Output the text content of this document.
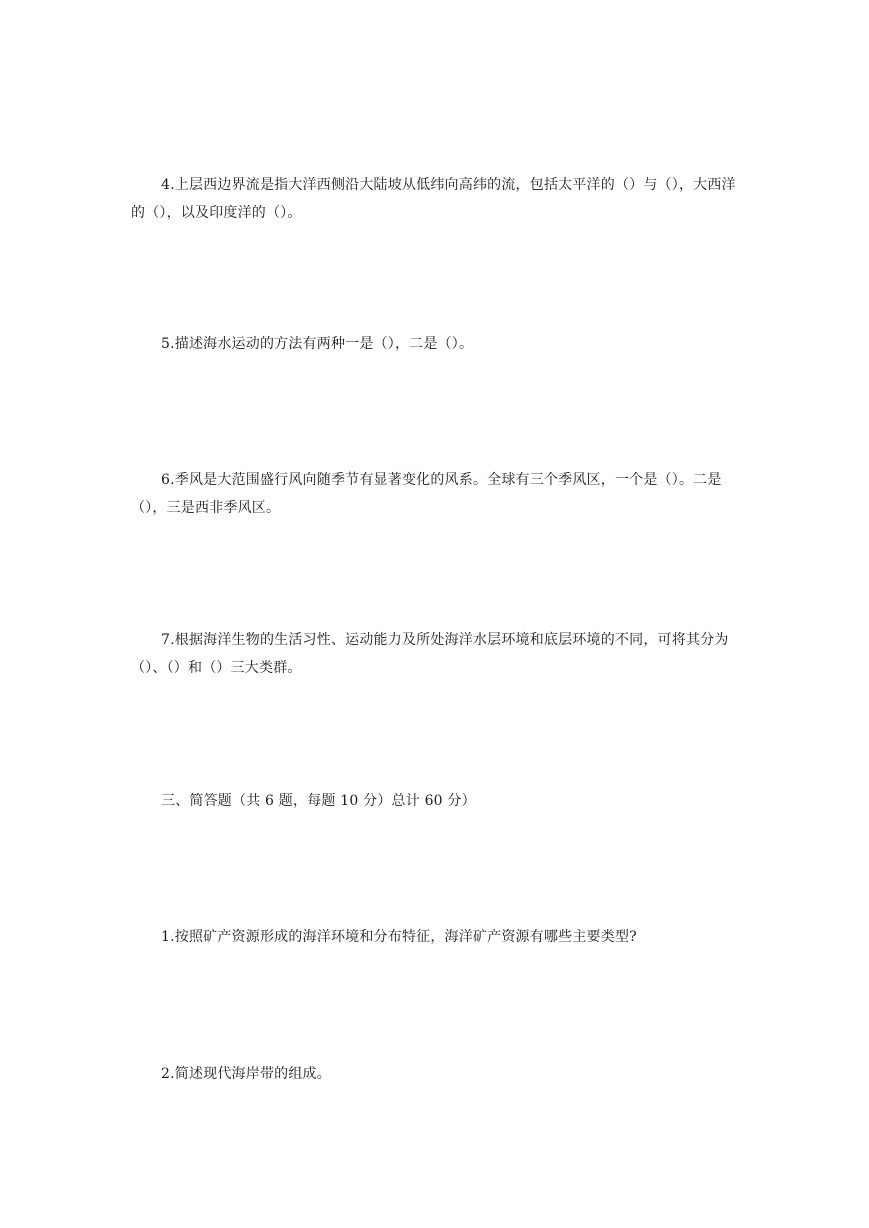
4.上层西边界流是指大洋西侧沿大陆坡从低纬向高纬的流，包括太平洋的（）与（），大西洋的（），以及印度洋的（）。

5.描述海水运动的方法有两种一是（），二是（）。

6.季风是大范围盛行风向随季节有显著变化的风系。全球有三个季风区，一个是（）。二是（），三是西非季风区。

7.根据海洋生物的生活习性、运动能力及所处海洋水层环境和底层环境的不同，可将其分为（）、（）和（）三大类群。

三、简答题（共 6 题，每题 10 分）总计 60 分）

1.按照矿产资源形成的海洋环境和分布特征，海洋矿产资源有哪些主要类型?

2.简述现代海岸带的组成。
